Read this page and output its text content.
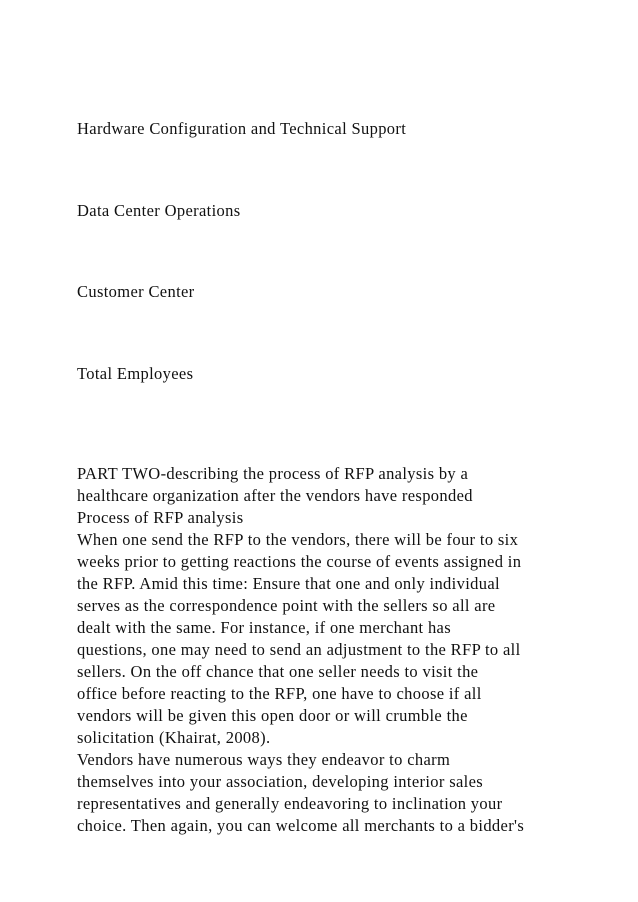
Hardware Configuration and Technical Support
Data Center Operations
Customer Center
Total Employees
PART TWO-describing the process of RFP analysis by a
healthcare organization after the vendors have responded
Process of RFP analysis
When one send the RFP to the vendors, there will be four to six
weeks prior to getting reactions the course of events assigned in
the RFP. Amid this time: Ensure that one and only individual
serves as the correspondence point with the sellers so all are
dealt with the same. For instance, if one merchant has
questions, one may need to send an adjustment to the RFP to all
sellers. On the off chance that one seller needs to visit the
office before reacting to the RFP, one have to choose if all
vendors will be given this open door or will crumble the
solicitation (Khairat, 2008).
Vendors have numerous ways they endeavor to charm
themselves into your association, developing interior sales
representatives and generally endeavoring to inclination your
choice. Then again, you can welcome all merchants to a bidder's
